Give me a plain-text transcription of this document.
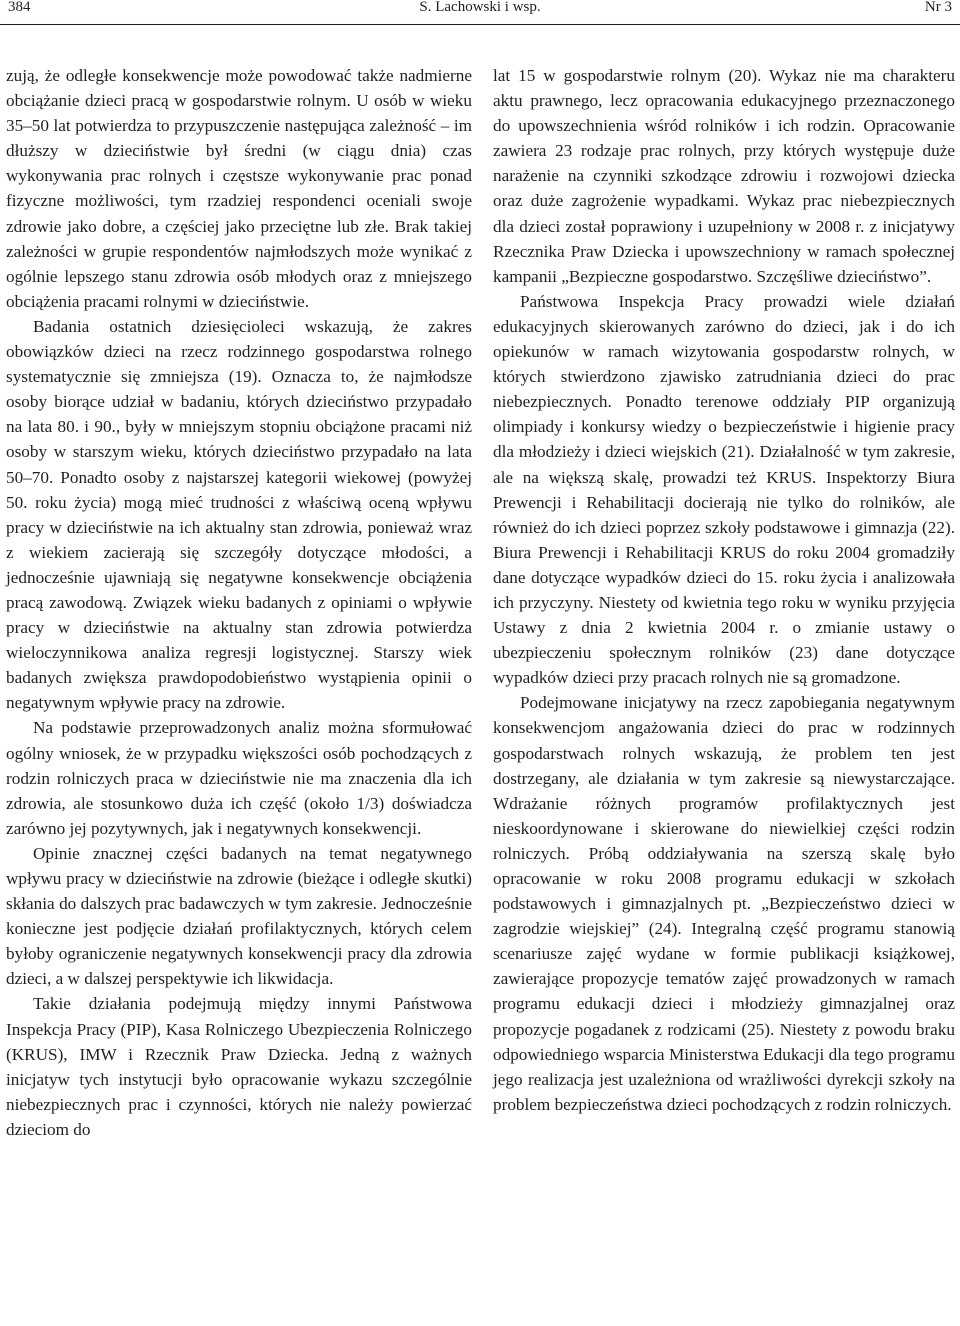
384	S. Lachowski i wsp.	Nr 3

zują, że odległe konsekwencje może powodować także nadmierne obciążanie dzieci pracą w gospodarstwie rolnym. U osób w wieku 35–50 lat potwierdza to przypuszczenie następująca zależność – im dłuższy w dzieciństwie był średni (w ciągu dnia) czas wykonywania prac rolnych i częstsze wykonywanie prac ponad fizyczne możliwości, tym rzadziej respondenci oceniali swoje zdrowie jako dobre, a częściej jako przeciętne lub złe. Brak takiej zależności w grupie respondentów najmłodszych może wynikać z ogólnie lepszego stanu zdrowia osób młodych oraz z mniejszego obciążenia pracami rolnymi w dzieciństwie.

Badania ostatnich dziesięcioleci wskazują, że zakres obowiązków dzieci na rzecz rodzinnego gospodarstwa rolnego systematycznie się zmniejsza (19). Oznacza to, że najmłodsze osoby biorące udział w badaniu, których dzieciństwo przypadało na lata 80. i 90., były w mniejszym stopniu obciążone pracami niż osoby w starszym wieku, których dzieciństwo przypadało na lata 50–70. Ponadto osoby z najstarszej kategorii wiekowej (powyżej 50. roku życia) mogą mieć trudności z właściwą oceną wpływu pracy w dzieciństwie na ich aktualny stan zdrowia, ponieważ wraz z wiekiem zacierają się szczegóły dotyczące młodości, a jednocześnie ujawniają się negatywne konsekwencje obciążenia pracą zawodową. Związek wieku badanych z opiniami o wpływie pracy w dzieciństwie na aktualny stan zdrowia potwierdza wieloczynnikowa analiza regresji logistycznej. Starszy wiek badanych zwiększa prawdopodobieństwo wystąpienia opinii o negatywnym wpływie pracy na zdrowie.

Na podstawie przeprowadzonych analiz można sformułować ogólny wniosek, że w przypadku większości osób pochodzących z rodzin rolniczych praca w dzieciństwie nie ma znaczenia dla ich zdrowia, ale stosunkowo duża ich część (około 1/3) doświadcza zarówno jej pozytywnych, jak i negatywnych konsekwencji.

Opinie znacznej części badanych na temat negatywnego wpływu pracy w dzieciństwie na zdrowie (bieżące i odległe skutki) skłania do dalszych prac badawczych w tym zakresie. Jednocześnie konieczne jest podjęcie działań profilaktycznych, których celem byłoby ograniczenie negatywnych konsekwencji pracy dla zdrowia dzieci, a w dalszej perspektywie ich likwidacja.

Takie działania podejmują między innymi Państwowa Inspekcja Pracy (PIP), Kasa Rolniczego Ubezpieczenia Rolniczego (KRUS), IMW i Rzecznik Praw Dziecka. Jedną z ważnych inicjatyw tych instytucji było opracowanie wykazu szczególnie niebezpiecznych prac i czynności, których nie należy powierzać dzieciom do

lat 15 w gospodarstwie rolnym (20). Wykaz nie ma charakteru aktu prawnego, lecz opracowania edukacyjnego przeznaczonego do upowszechnienia wśród rolników i ich rodzin. Opracowanie zawiera 23 rodzaje prac rolnych, przy których występuje duże narażenie na czynniki szkodzące zdrowiu i rozwojowi dziecka oraz duże zagrożenie wypadkami. Wykaz prac niebezpiecznych dla dzieci został poprawiony i uzupełniony w 2008 r. z inicjatywy Rzecznika Praw Dziecka i upowszechniony w ramach społecznej kampanii „Bezpieczne gospodarstwo. Szczęśliwe dzieciństwo”.

Państwowa Inspekcja Pracy prowadzi wiele działań edukacyjnych skierowanych zarówno do dzieci, jak i do ich opiekunów w ramach wizytowania gospodarstw rolnych, w których stwierdzono zjawisko zatrudniania dzieci do prac niebezpiecznych. Ponadto terenowe oddziały PIP organizują olimpiady i konkursy wiedzy o bezpieczeństwie i higienie pracy dla młodzieży i dzieci wiejskich (21). Działalność w tym zakresie, ale na większą skalę, prowadzi też KRUS. Inspektorzy Biura Prewencji i Rehabilitacji docierają nie tylko do rolników, ale również do ich dzieci poprzez szkoły podstawowe i gimnazja (22). Biura Prewencji i Rehabilitacji KRUS do roku 2004 gromadziły dane dotyczące wypadków dzieci do 15. roku życia i analizowała ich przyczyny. Niestety od kwietnia tego roku w wyniku przyjęcia Ustawy z dnia 2 kwietnia 2004 r. o zmianie ustawy o ubezpieczeniu społecznym rolników (23) dane dotyczące wypadków dzieci przy pracach rolnych nie są gromadzone.

Podejmowane inicjatywy na rzecz zapobiegania negatywnym konsekwencjom angażowania dzieci do prac w rodzinnych gospodarstwach rolnych wskazują, że problem ten jest dostrzegany, ale działania w tym zakresie są niewystarczające. Wdrażanie różnych programów profilaktycznych jest nieskoordynowane i skierowane do niewielkiej części rodzin rolniczych. Próbą oddziaływania na szerszą skalę było opracowanie w roku 2008 programu edukacji w szkołach podstawowych i gimnazjalnych pt. „Bezpieczeństwo dzieci w zagrodzie wiejskiej” (24). Integralną część programu stanowią scenariusze zajęć wydane w formie publikacji książkowej, zawierające propozycje tematów zajęć prowadzonych w ramach programu edukacji dzieci i młodzieży gimnazjalnej oraz propozycje pogadanek z rodzicami (25). Niestety z powodu braku odpowiedniego wsparcia Ministerstwa Edukacji dla tego programu jego realizacja jest uzależniona od wrażliwości dyrekcji szkoły na problem bezpieczeństwa dzieci pochodzących z rodzin rolniczych.
